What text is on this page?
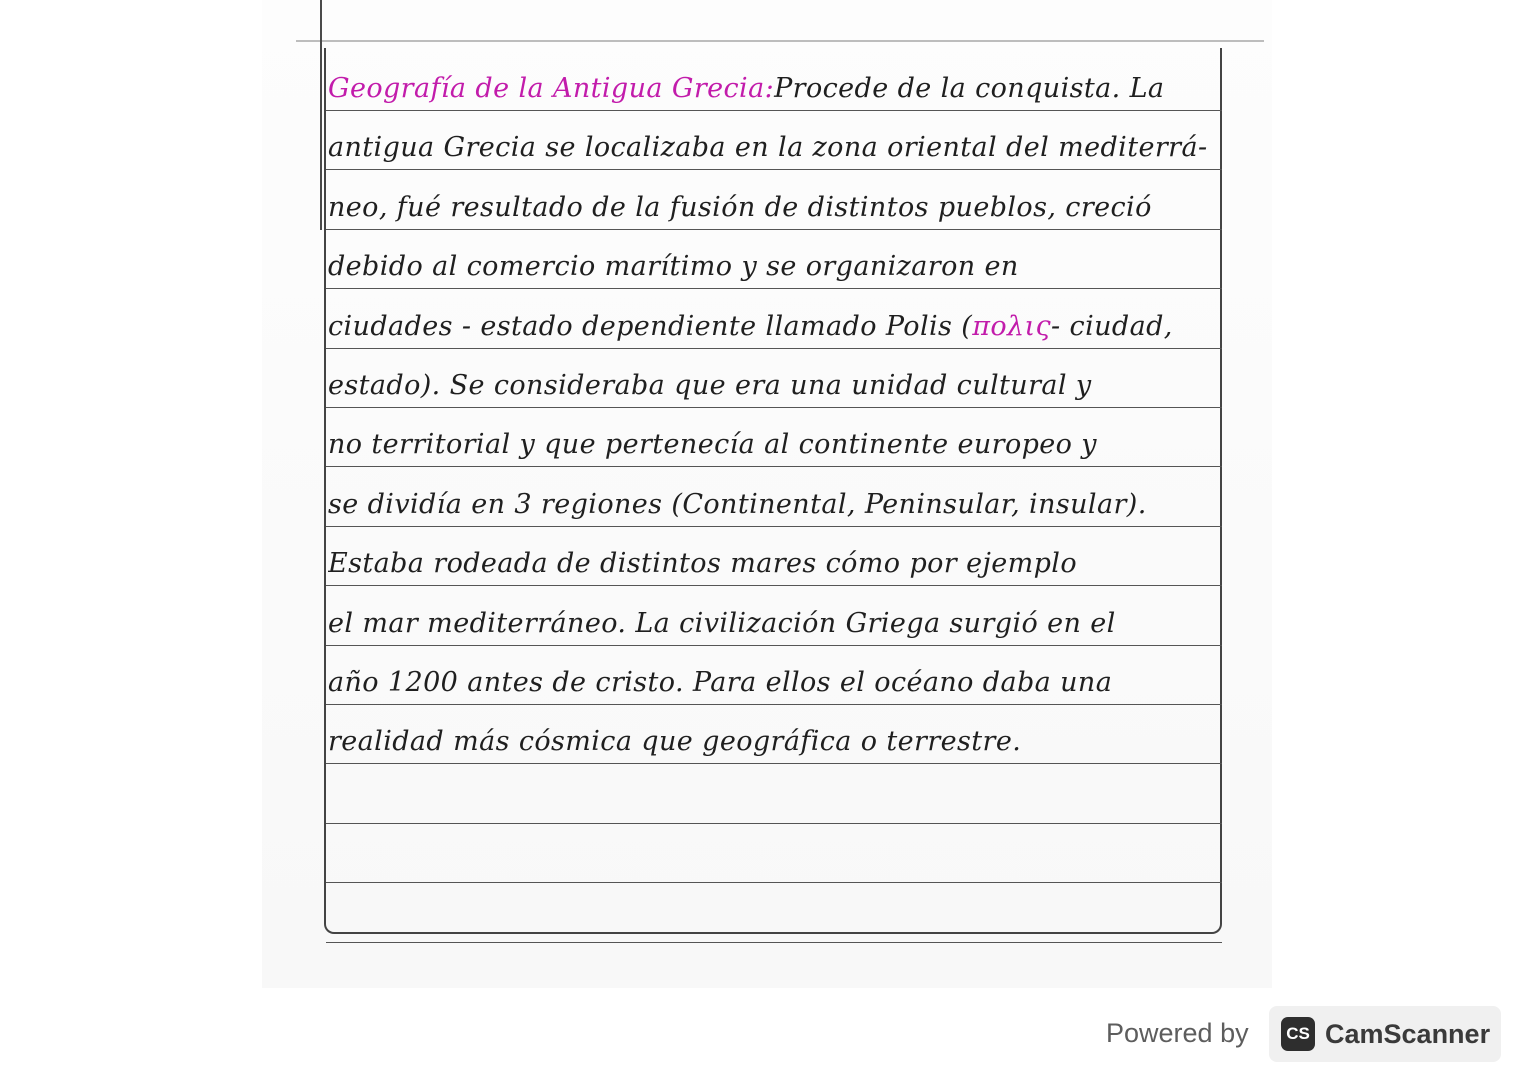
Geografía de la Antigua Grecia:Procede de la conquista. La
antigua Grecia se localizaba en la zona oriental del mediterrá-
neo, fué resultado de la fusión de distintos pueblos, creció
debido al comercio marítimo y se organizaron en
ciudades - estado dependiente llamado Polis (πολις- ciudad,
estado). Se consideraba que era una unidad cultural y
no territorial y que pertenecía al continente europeo y
se dividía en 3 regiones (Continental, Peninsular, insular).
Estaba rodeada de distintos mares cómo por ejemplo
el mar mediterráneo. La civilización Griega surgió en el
año 1200 antes de cristo. Para ellos el océano daba una
realidad más cósmica que geográfica o terrestre.
Powered by	CS CamScanner
